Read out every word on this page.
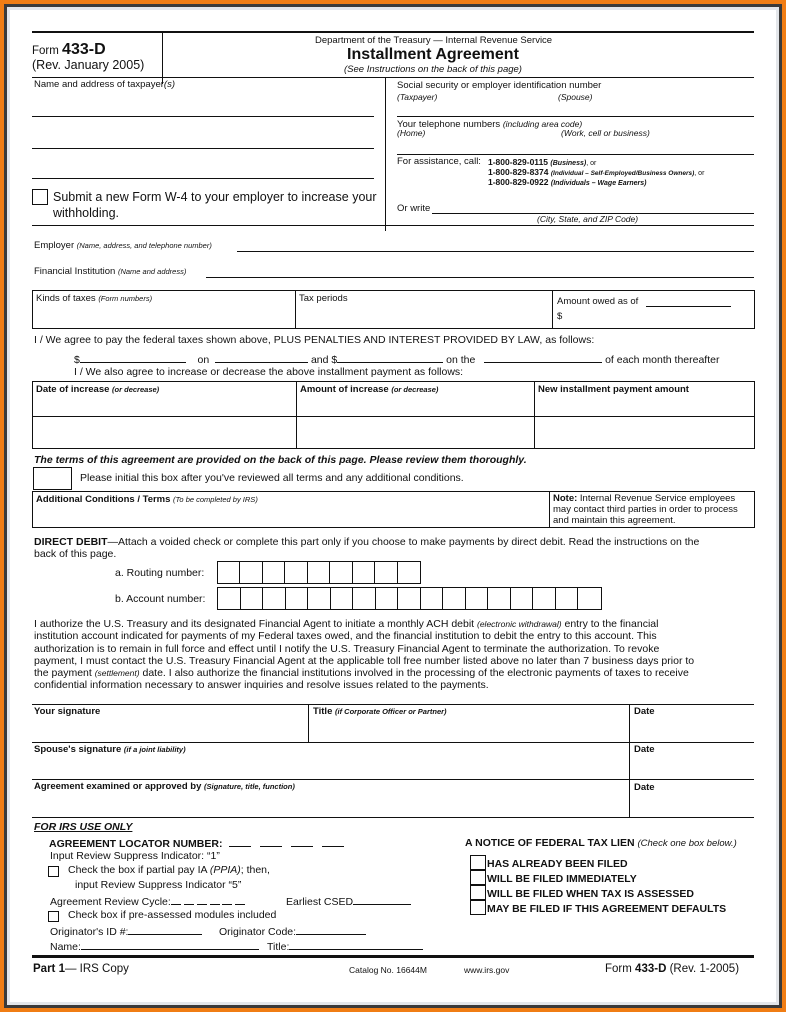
Form 433-D
(Rev. January 2005)
Department of the Treasury — Internal Revenue Service
Installment Agreement
(See Instructions on the back of this page)
Name and address of taxpayer(s)
Submit a new Form W-4 to your employer to increase your
withholding.
Social security or employer identification number
(Taxpayer)	(Spouse)
Your telephone numbers (including area code)
(Home)	(Work, cell or business)
For assistance, call: 1-800-829-0115 (Business), or
1-800-829-8374 (Individual – Self-Employed/Business Owners), or
1-800-829-0922 (Individuals – Wage Earners)
Or write
(City, State, and ZIP Code)
Employer (Name, address, and telephone number)
Financial Institution (Name and address)
Kinds of taxes (Form numbers)	Tax periods	Amount owed as of
$
I / We agree to pay the federal taxes shown above, PLUS PENALTIES AND INTEREST PROVIDED BY LAW, as follows:
$	on	and $	on the	of each month thereafter
I / We also agree to increase or decrease the above installment payment as follows:
Date of increase (or decrease)	Amount of increase (or decrease)	New installment payment amount
The terms of this agreement are provided on the back of this page. Please review them thoroughly.
Please initial this box after you've reviewed all terms and any additional conditions.
Additional Conditions / Terms (To be completed by IRS)	Note: Internal Revenue Service employees
may contact third parties in order to process
and maintain this agreement.
DIRECT DEBIT—Attach a voided check or complete this part only if you choose to make payments by direct debit. Read the instructions on the
back of this page.
a. Routing number:
b. Account number:
I authorize the U.S. Treasury and its designated Financial Agent to initiate a monthly ACH debit (electronic withdrawal) entry to the financial
institution account indicated for payments of my Federal taxes owed, and the financial institution to debit the entry to this account. This
authorization is to remain in full force and effect until I notify the U.S. Treasury Financial Agent to terminate the authorization. To revoke
payment, I must contact the U.S. Treasury Financial Agent at the applicable toll free number listed above no later than 7 business days prior to
the payment (settlement) date. I also authorize the financial institutions involved in the processing of the electronic payments of taxes to receive
confidential information necessary to answer inquiries and resolve issues related to the payments.
Your signature	Title (if Corporate Officer or Partner)	Date
Spouse's signature (if a joint liability)	Date
Agreement examined or approved by (Signature, title, function)	Date
FOR IRS USE ONLY
AGREEMENT LOCATOR NUMBER:
Input Review Suppress Indicator: “1”
Check the box if partial pay IA (PPIA); then,
input Review Suppress Indicator “5”
Agreement Review Cycle:	Earliest CSED
Check box if pre-assessed modules included
Originator's ID #:	Originator Code:
Name:	Title:
A NOTICE OF FEDERAL TAX LIEN (Check one box below.)
HAS ALREADY BEEN FILED
WILL BE FILED IMMEDIATELY
WILL BE FILED WHEN TAX IS ASSESSED
MAY BE FILED IF THIS AGREEMENT DEFAULTS
Part 1— IRS Copy	Catalog No. 16644M	www.irs.gov	Form 433-D (Rev. 1-2005)
